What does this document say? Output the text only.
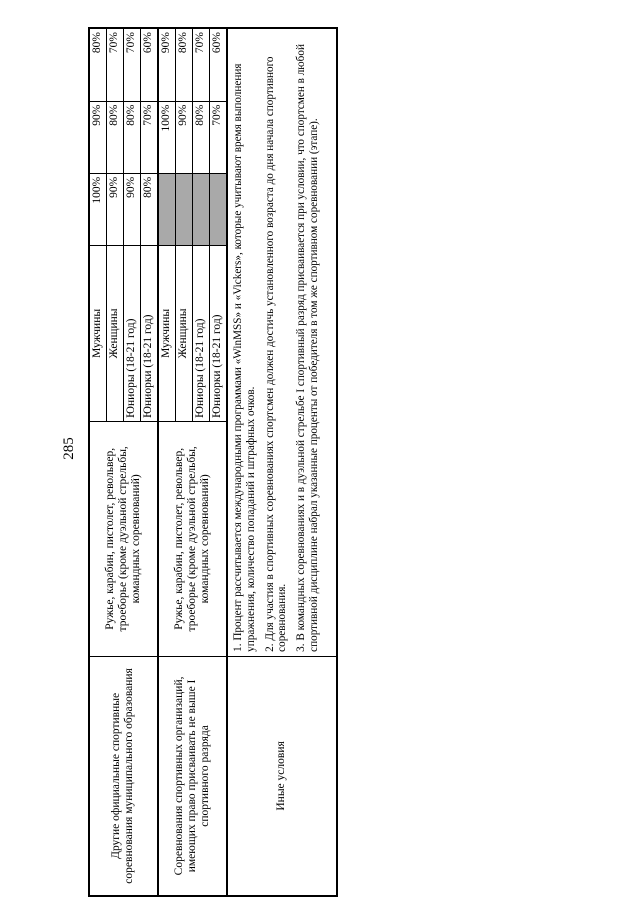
285
Другие официальные спортивные соревнования муниципального образования	Ружье, карабин, пистолет, револьвер, троеборье (кроме дуэльной стрельбы, командных соревнований)	Мужчины	100%	90%	80%
		Женщины	90%	80%	70%
		Юниоры (18-21 год)	90%	80%	70%
		Юниорки (18-21 год)	80%	70%	60%
Соревнования спортивных организаций, имеющих право присваивать не выше I спортивного разряда	Ружье, карабин, пистолет, револьвер, троеборье (кроме дуэльной стрельбы, командных соревнований)	Мужчины		100%	90%
		Женщины		90%	80%
		Юниоры (18-21 год)		80%	70%
		Юниорки (18-21 год)		70%	60%
Иные условия	1. Процент рассчитывается международными программами «WinMSS» и «Vickers», которые учитывают время выполнения упражнения, количество попаданий и штрафных очков. 2. Для участия в спортивных соревнованиях спортсмен должен достичь установленного возраста до дня начала спортивного соревнования. 3. В командных соревнованиях и в дуэльной стрельбе I спортивный разряд присваивается при условии, что спортсмен в любой спортивной дисциплине набрал указанные проценты от победителя в том же спортивном соревновании (этапе).				
